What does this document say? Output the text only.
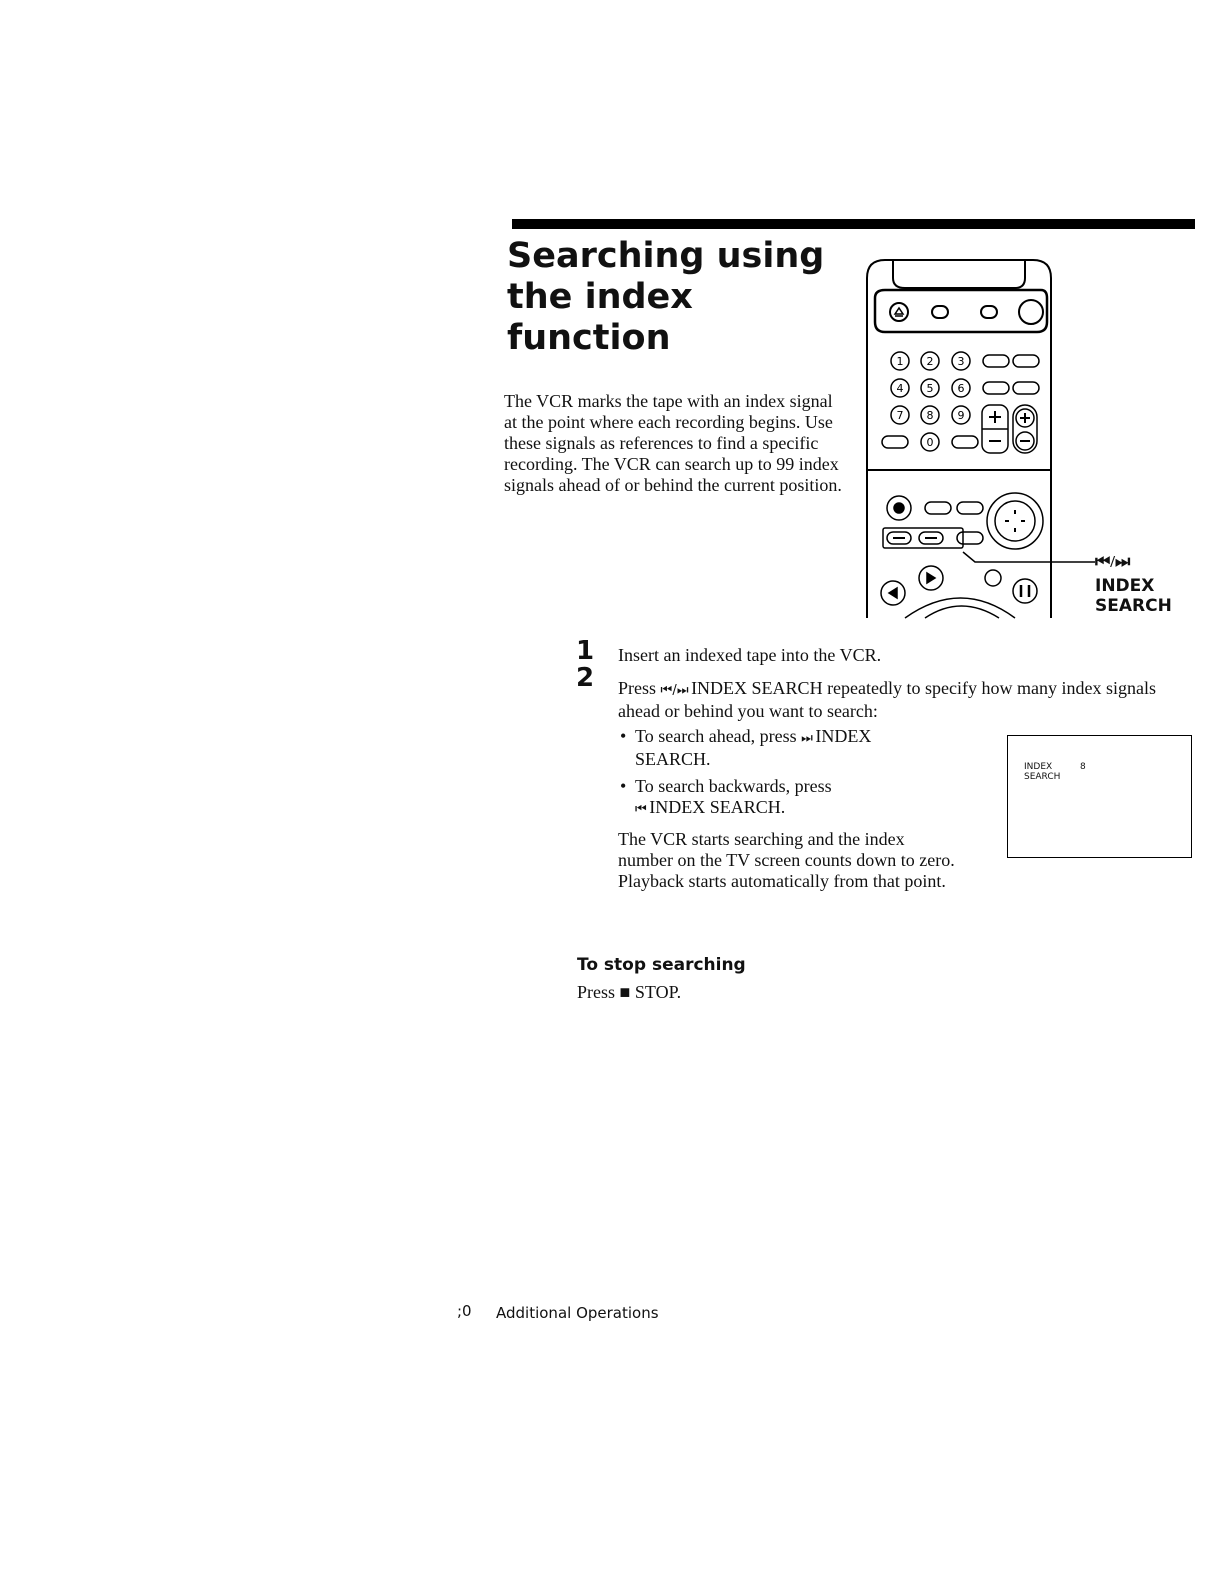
Searching using
the index
function

The VCR marks the tape with an index signal at the point where each recording begins. Use these signals as references to find a specific recording. The VCR can search up to 99 index signals ahead of or behind the current position.

1 2 3
4 5 6
7 8 9
0
⏮/⏭
INDEX
SEARCH
1 Insert an indexed tape into the VCR.

2 Press ⏮ / ⏭ INDEX SEARCH repeatedly to specify how many index signals ahead or behind you want to search:

• To search ahead, press ⏭ INDEX SEARCH.
• To search backwards, press
⏮ INDEX SEARCH.

The VCR starts searching and the index number on the TV screen counts down to zero. Playback starts automatically from that point.

INDEX
SEARCH
8
To stop searching
Press ■ STOP.
;0 Additional Operations
